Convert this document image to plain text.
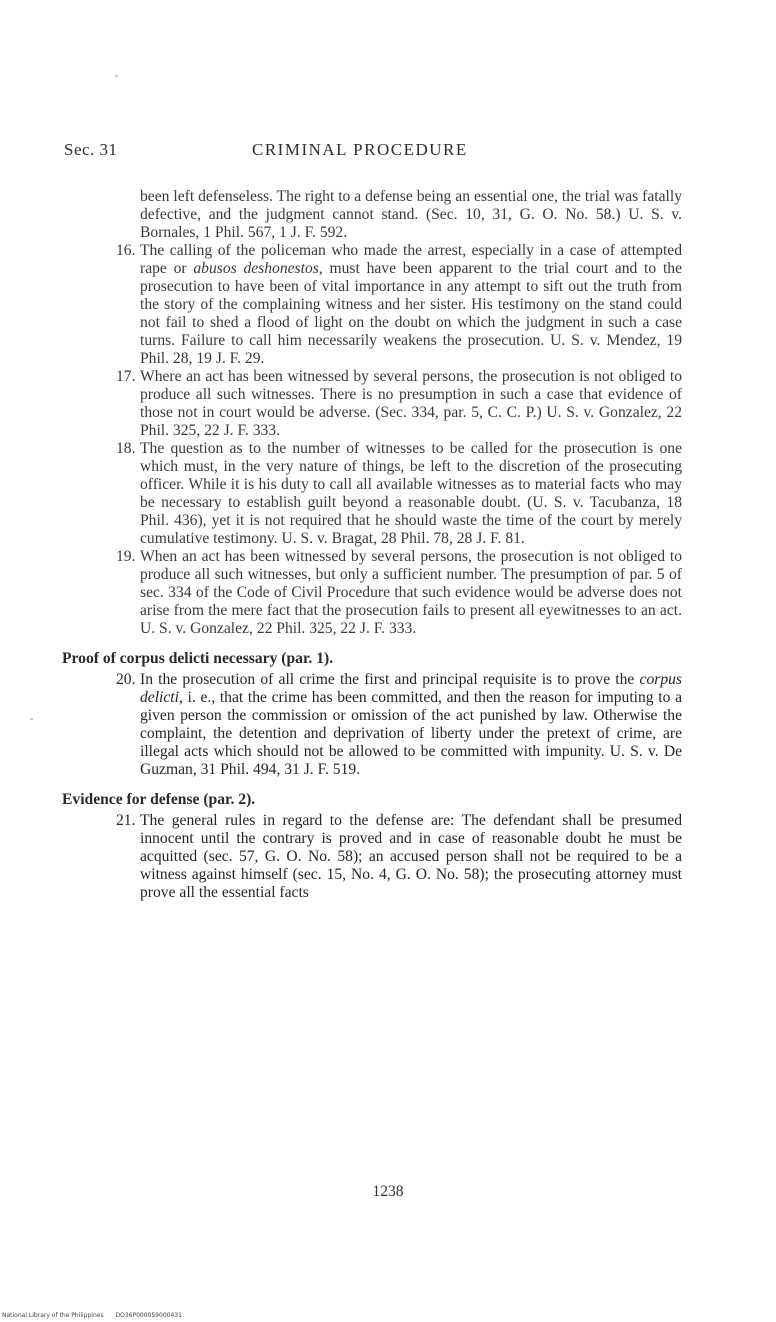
Sec. 31	CRIMINAL PROCEDURE
been left defenseless. The right to a defense being an essential one, the trial was fatally defective, and the judgment cannot stand. (Sec. 10, 31, G. O. No. 58.) U. S. v. Bornales, 1 Phil. 567, 1 J. F. 592.
16. The calling of the policeman who made the arrest, especially in a case of attempted rape or abusos deshonestos, must have been apparent to the trial court and to the prosecution to have been of vital importance in any attempt to sift out the truth from the story of the complaining witness and her sister. His testimony on the stand could not fail to shed a flood of light on the doubt on which the judgment in such a case turns. Failure to call him necessarily weakens the prosecution. U. S. v. Mendez, 19 Phil. 28, 19 J. F. 29.
17. Where an act has been witnessed by several persons, the prosecution is not obliged to produce all such witnesses. There is no presumption in such a case that evidence of those not in court would be adverse. (Sec. 334, par. 5, C. C. P.) U. S. v. Gonzalez, 22 Phil. 325, 22 J. F. 333.
18. The question as to the number of witnesses to be called for the prosecution is one which must, in the very nature of things, be left to the discretion of the prosecuting officer. While it is his duty to call all available witnesses as to material facts who may be necessary to establish guilt beyond a reasonable doubt. (U. S. v. Tacubanza, 18 Phil. 436), yet it is not required that he should waste the time of the court by merely cumulative testimony. U. S. v. Bragat, 28 Phil. 78, 28 J. F. 81.
19. When an act has been witnessed by several persons, the prosecution is not obliged to produce all such witnesses, but only a sufficient number. The presumption of par. 5 of sec. 334 of the Code of Civil Procedure that such evidence would be adverse does not arise from the mere fact that the prosecution fails to present all eyewitnesses to an act. U. S. v. Gonzalez, 22 Phil. 325, 22 J. F. 333.
Proof of corpus delicti necessary (par. 1).
20. In the prosecution of all crime the first and principal requisite is to prove the corpus delicti, i. e., that the crime has been committed, and then the reason for imputing to a given person the commission or omission of the act punished by law. Otherwise the complaint, the detention and deprivation of liberty under the pretext of crime, are illegal acts which should not be allowed to be committed with impunity. U. S. v. De Guzman, 31 Phil. 494, 31 J. F. 519.
Evidence for defense (par. 2).
21. The general rules in regard to the defense are: The defendant shall be presumed innocent until the contrary is proved and in case of reasonable doubt he must be acquitted (sec. 57, G. O. No. 58); an accused person shall not be required to be a witness against himself (sec. 15, No. 4, G. O. No. 58); the prosecuting attorney must prove all the essential facts
1238
National Library of the Philippines DO36P000059000431
